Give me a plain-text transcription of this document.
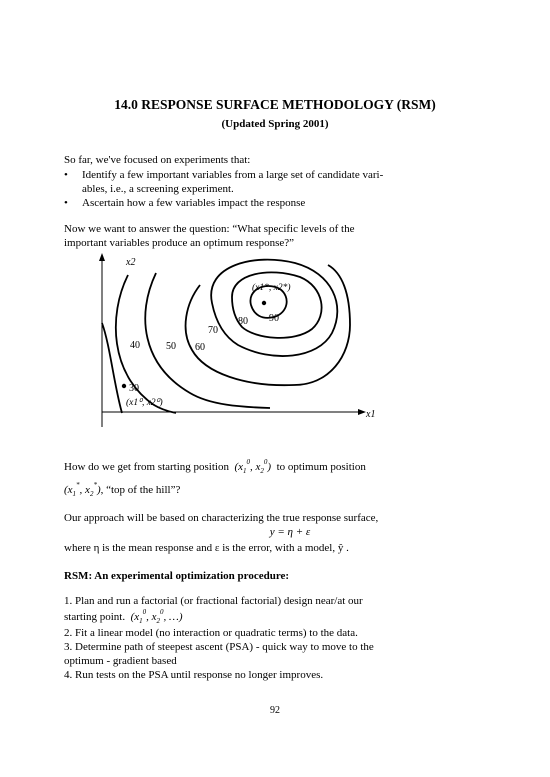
14.0 RESPONSE SURFACE METHODOLOGY (RSM)
(Updated Spring 2001)
So far, we've focused on experiments that:
• Identify a few important variables from a large set of candidate vari-
ables, i.e., a screening experiment.
• Ascertain how a few variables impact the response
Now we want to answer the question: “What specific levels of the
important variables produce an optimum response?”
x2
x1
30
40	50 60
70
80 90
(x1*, x2*)
(x1⁰, x2⁰)
How do we get from starting position  ($x_1^0$, $x_2^0$)  to optimum position
($x_1^*$, $x_2^*$), “top of the hill”?
Our approach will be based on characterizing the true response surface,
y = η + ε
where η is the mean response and ε is the error, with a model, ŷ .
RSM: An experimental optimization procedure:
1. Plan and run a factorial (or fractional factorial) design near/at our
starting point.  ($x_1^0$, $x_2^0$, …)
2. Fit a linear model (no interaction or quadratic terms) to the data.
3. Determine path of steepest ascent (PSA) - quick way to move to the
optimum - gradient based
4. Run tests on the PSA until response no longer improves.
92
